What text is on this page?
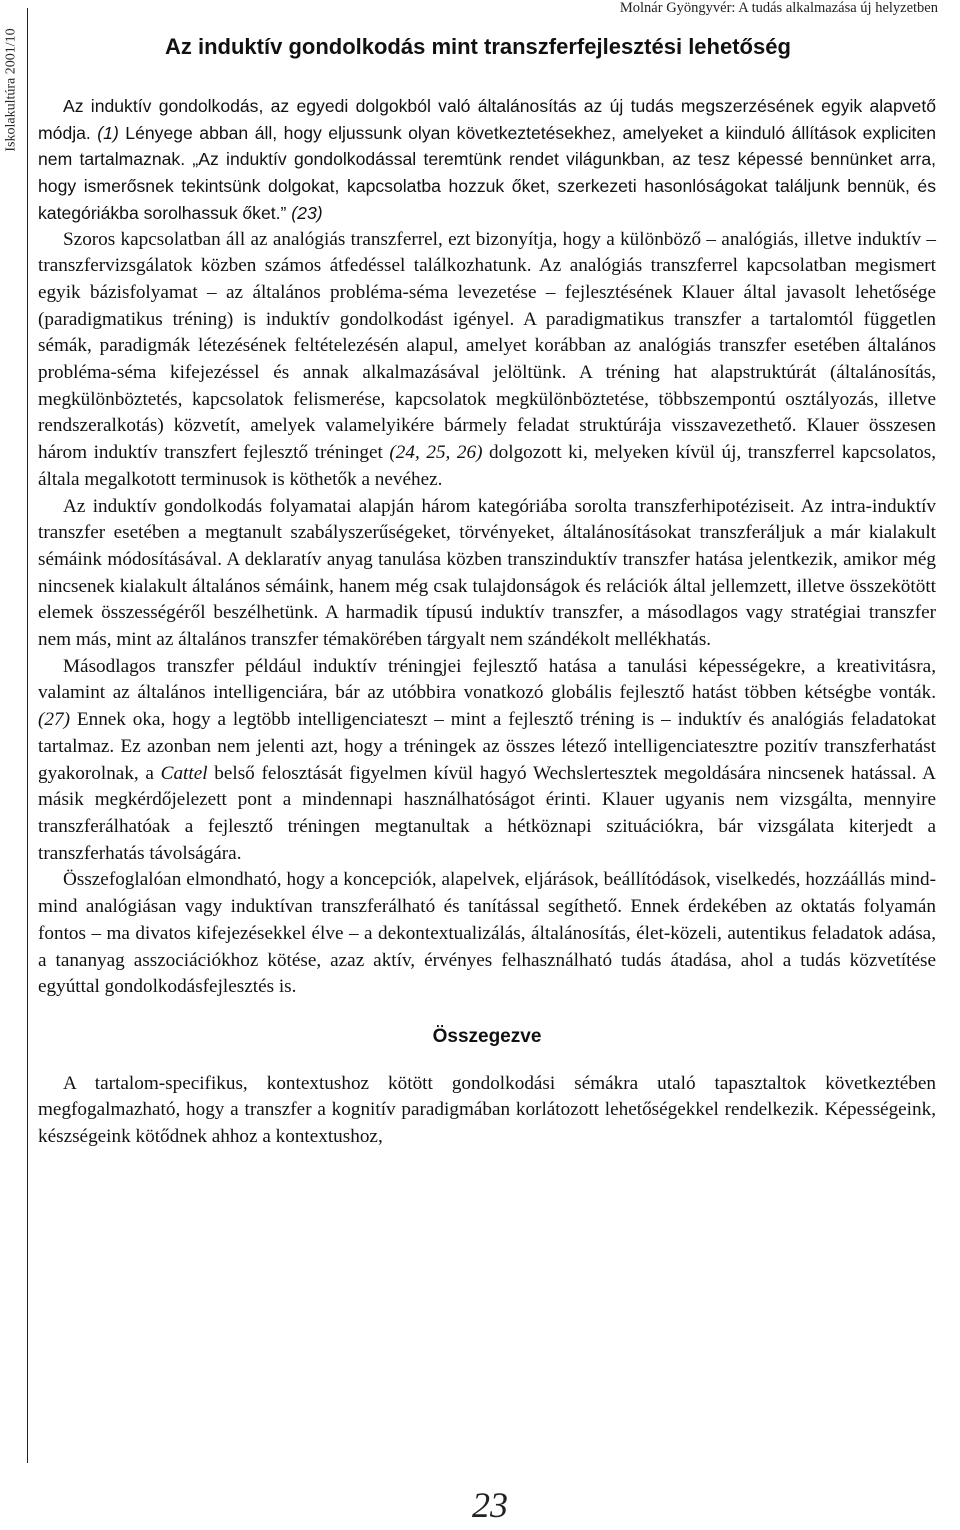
Iskolakultúra 2001/10
Molnár Gyöngyvér: A tudás alkalmazása új helyzetben
Az induktív gondolkodás mint transzferfejlesztési lehetőség

Az induktív gondolkodás, az egyedi dolgokból való általánosítás az új tudás megszerzésének egyik alapvető módja. (1) Lényege abban áll, hogy eljussunk olyan következtetésekhez, amelyeket a kiinduló állítások expliciten nem tartalmaznak. „Az induktív gondolkodással teremtünk rendet világunkban, az tesz képessé bennünket arra, hogy ismerősnek tekintsünk dolgokat, kapcsolatba hozzuk őket, szerkezeti hasonlóságokat találjunk bennük, és kategóriákba sorolhassuk őket.” (23)

Szoros kapcsolatban áll az analógiás transzferrel, ezt bizonyítja, hogy a különböző – analógiás, illetve induktív – transzfervizsgálatok közben számos átfedéssel találkozhatunk. Az analógiás transzferrel kapcsolatban megismert egyik bázisfolyamat – az általános probléma-séma levezetése – fejlesztésének Klauer által javasolt lehetősége (paradigmatikus tréning) is induktív gondolkodást igényel. A paradigmatikus transzfer a tartalomtól független sémák, paradigmák létezésének feltételezésén alapul, amelyet korábban az analógiás transzfer esetében általános probléma-séma kifejezéssel és annak alkalmazásával jelöltünk. A tréning hat alapstruktúrát (általánosítás, megkülönböztetés, kapcsolatok felismerése, kapcsolatok megkülönböztetése, többszempontú osztályozás, illetve rendszeralkotás) közvetít, amelyek valamelyikére bármely feladat struktúrája visszavezethető. Klauer összesen három induktív transzfert fejlesztő tréninget (24, 25, 26) dolgozott ki, melyeken kívül új, transzferrel kapcsolatos, általa megalkotott terminusok is köthetők a nevéhez.

Az induktív gondolkodás folyamatai alapján három kategóriába sorolta transzferhipotéziseit. Az intra-induktív transzfer esetében a megtanult szabályszerűségeket, törvényeket, általánosításokat transzferáljuk a már kialakult sémáink módosításával. A deklaratív anyag tanulása közben transzinduktív transzfer hatása jelentkezik, amikor még nincsenek kialakult általános sémáink, hanem még csak tulajdonságok és relációk által jellemzett, illetve összekötött elemek összességéről beszélhetünk. A harmadik típusú induktív transzfer, a másodlagos vagy stratégiai transzfer nem más, mint az általános transzfer témakörében tárgyalt nem szándékolt mellékhatás.

Másodlagos transzfer például induktív tréningjei fejlesztő hatása a tanulási képességekre, a kreativitásra, valamint az általános intelligenciára, bár az utóbbira vonatkozó globális fejlesztő hatást többen kétségbe vonták. (27) Ennek oka, hogy a legtöbb intelligenciateszt – mint a fejlesztő tréning is – induktív és analógiás feladatokat tartalmaz. Ez azonban nem jelenti azt, hogy a tréningek az összes létező intelligenciatesztre pozitív transzferhatást gyakorolnak, a Cattel belső felosztását figyelmen kívül hagyó Wechslertesztek megoldására nincsenek hatással. A másik megkérdőjelezett pont a mindennapi használhatóságot érinti. Klauer ugyanis nem vizsgálta, mennyire transzferálhatóak a fejlesztő tréningen megtanultak a hétköznapi szituációkra, bár vizsgálata kiterjedt a transzferhatás távolságára.

Összefoglalóan elmondható, hogy a koncepciók, alapelvek, eljárások, beállítódások, viselkedés, hozzáállás mind-mind analógiásan vagy induktívan transzferálható és tanítással segíthető. Ennek érdekében az oktatás folyamán fontos – ma divatos kifejezésekkel élve – a dekontextualizálás, általánosítás, élet-közeli, autentikus feladatok adása, a tananyag asszociációkhoz kötése, azaz aktív, érvényes felhasználható tudás átadása, ahol a tudás közvetítése egyúttal gondolkodásfejlesztés is.

Összegezve

A tartalom-specifikus, kontextushoz kötött gondolkodási sémákra utaló tapasztaltok következtében megfogalmazható, hogy a transzfer a kognitív paradigmában korlátozott lehetőségekkel rendelkezik. Képességeink, készségeink kötődnek ahhoz a kontextushoz,

23
